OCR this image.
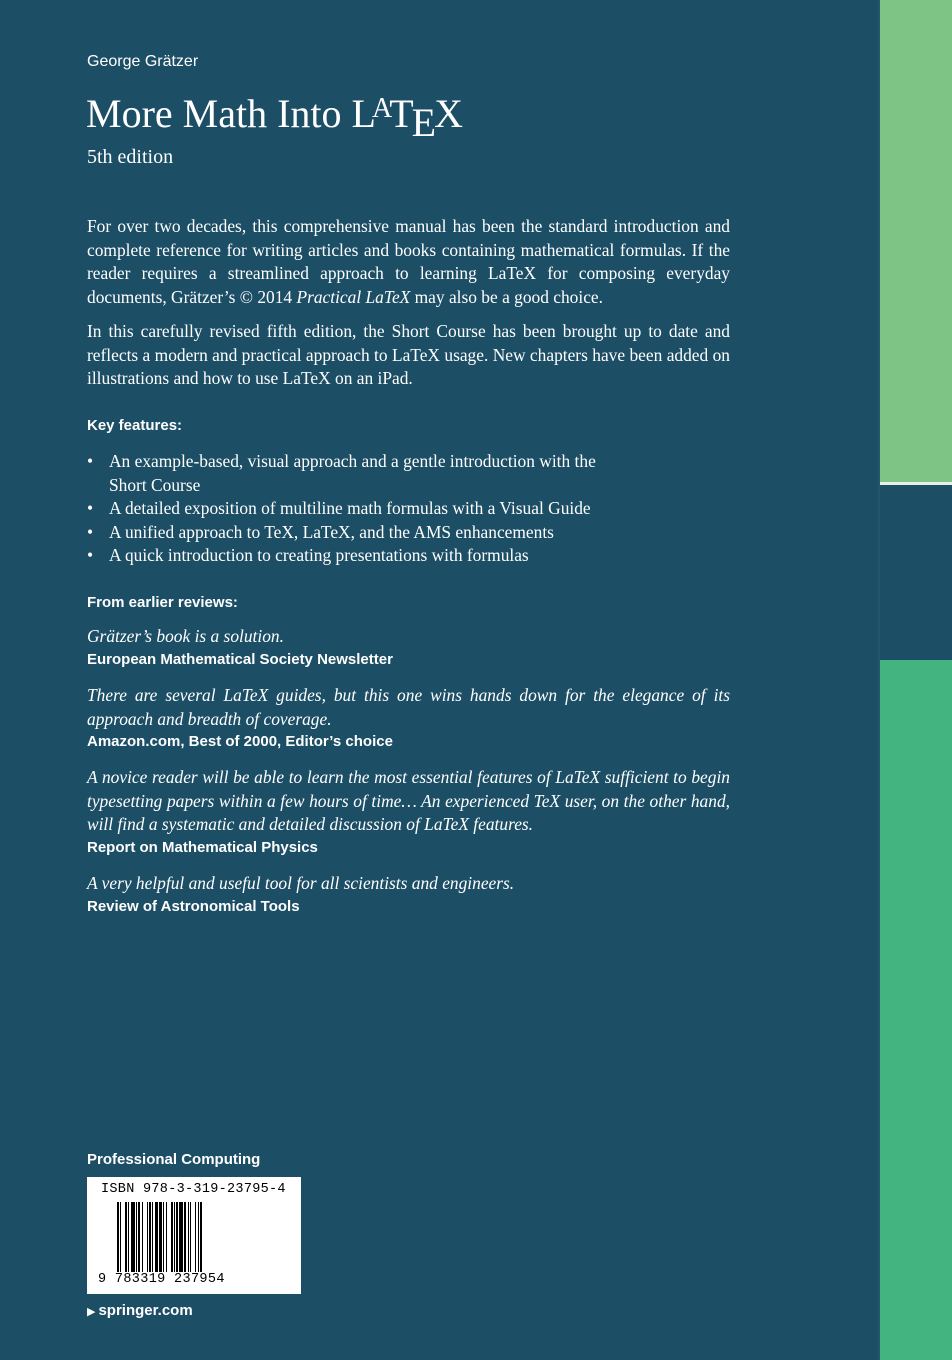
George Grätzer
More Math Into $L^ATEX$
5th edition
For over two decades, this comprehensive manual has been the standard introduction and complete reference for writing articles and books containing mathematical formulas. If the reader requires a streamlined approach to learning LaTeX for composing everyday documents, Grätzer’s © 2014 Practical LaTeX may also be a good choice.
In this carefully revised fifth edition, the Short Course has been brought up to date and reflects a modern and practical approach to LaTeX usage. New chapters have been added on illustrations and how to use LaTeX on an iPad.
Key features:
• An example-based, visual approach and a gentle introduction with the Short Course
• A detailed exposition of multiline math formulas with a Visual Guide
• A unified approach to TeX, LaTeX, and the AMS enhancements
• A quick introduction to creating presentations with formulas
From earlier reviews:
Grätzer’s book is a solution.
European Mathematical Society Newsletter
There are several LaTeX guides, but this one wins hands down for the elegance of its approach and breadth of coverage.
Amazon.com, Best of 2000, Editor’s choice
A novice reader will be able to learn the most essential features of LaTeX sufficient to begin typesetting papers within a few hours of time… An experienced TeX user, on the other hand, will find a systematic and detailed discussion of LaTeX features.
Report on Mathematical Physics
A very helpful and useful tool for all scientists and engineers.
Review of Astronomical Tools
Professional Computing
ISBN 978-3-319-23795-4
9 783319 237954
▶ springer.com
